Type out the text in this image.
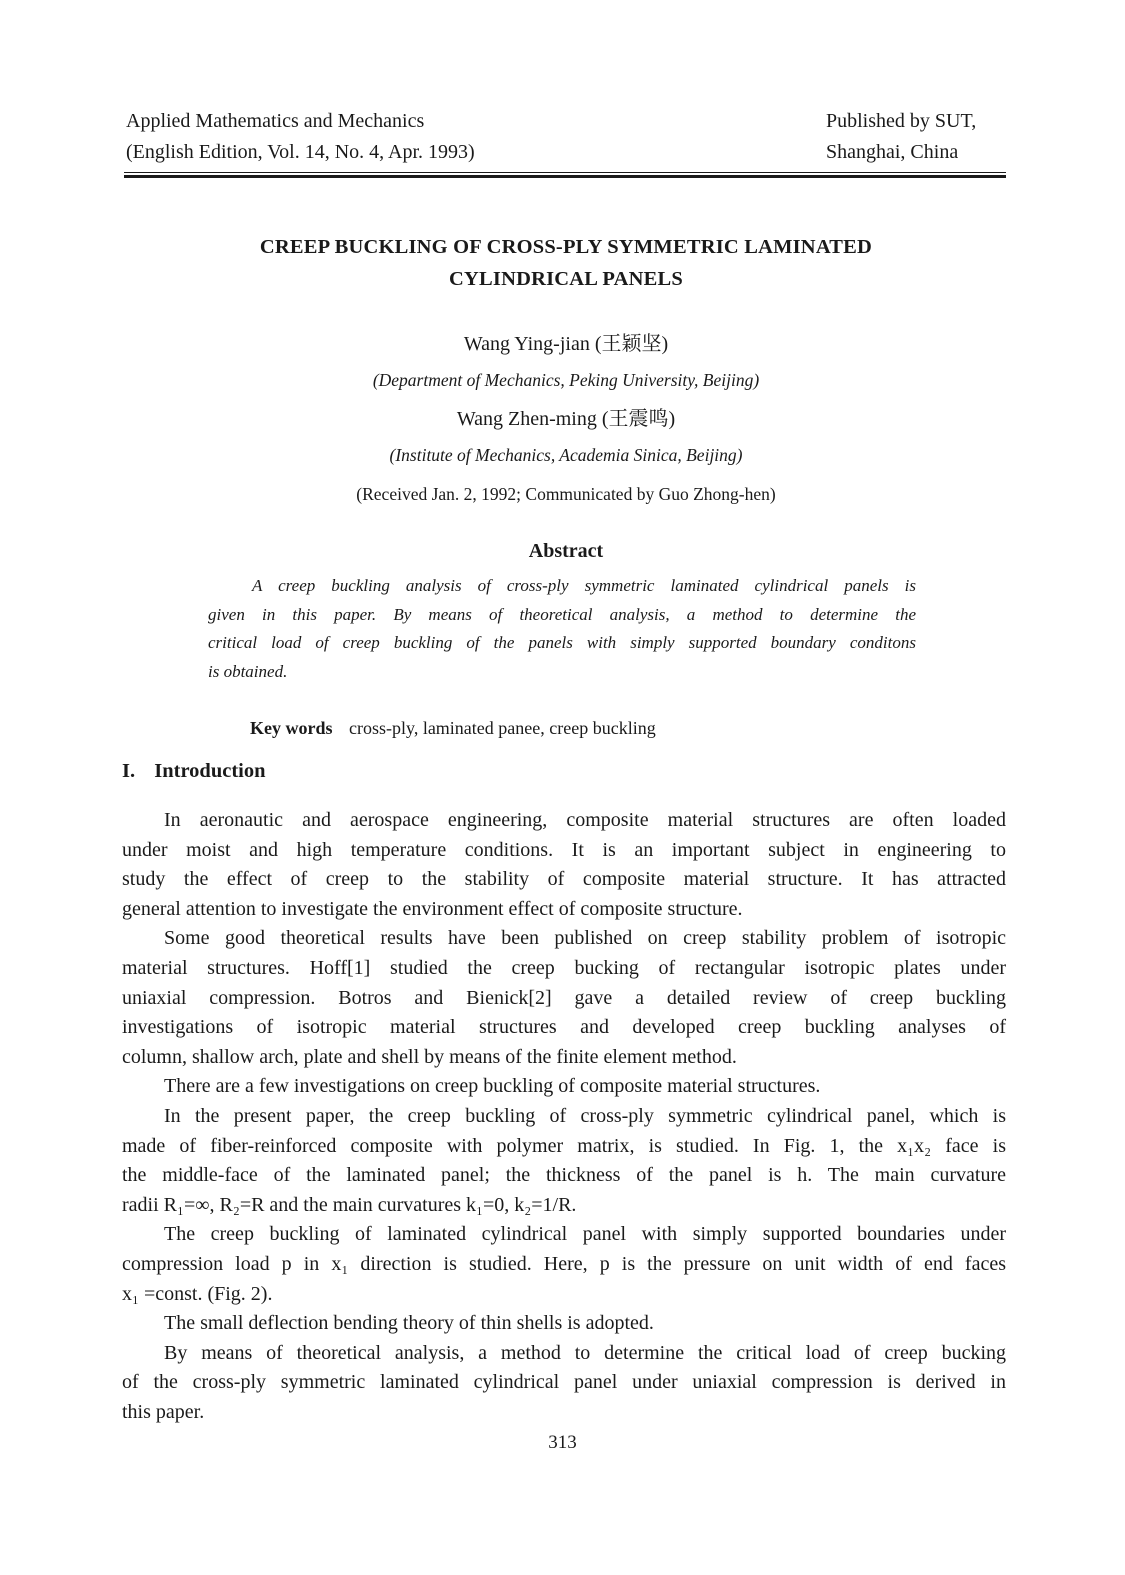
Applied Mathematics and Mechanics
(English Edition, Vol. 14, No. 4, Apr. 1993)
Published by SUT,
Shanghai, China
CREEP BUCKLING OF CROSS-PLY SYMMETRIC LAMINATED
CYLINDRICAL PANELS
Wang Ying-jian (王颖坚)
(Department of Mechanics, Peking University, Beijing)
Wang Zhen-ming (王震鸣)
(Institute of Mechanics, Academia Sinica, Beijing)
(Received Jan. 2, 1992; Communicated by Guo Zhong-hen)
Abstract
A creep buckling analysis of cross-ply symmetric laminated cylindrical panels is
given in this paper. By means of theoretical analysis, a method to determine the
critical load of creep buckling of the panels with simply supported boundary conditons
is obtained.
Key words cross-ply, laminated panee, creep buckling
I. Introduction

In aeronautic and aerospace engineering, composite material structures are often loaded
under moist and high temperature conditions. It is an important subject in engineering to
study the effect of creep to the stability of composite material structure. It has attracted
general attention to investigate the environment effect of composite structure.

Some good theoretical results have been published on creep stability problem of isotropic
material structures. Hoff[1] studied the creep bucking of rectangular isotropic plates under
uniaxial compression. Botros and Bienick[2] gave a detailed review of creep buckling
investigations of isotropic material structures and developed creep buckling analyses of
column, shallow arch, plate and shell by means of the finite element method.

There are a few investigations on creep buckling of composite material structures.

In the present paper, the creep buckling of cross-ply symmetric cylindrical panel, which is
made of fiber-reinforced composite with polymer matrix, is studied. In Fig. 1, the x₁x₂ face is
the middle-face of the laminated panel; the thickness of the panel is h. The main curvature
radii R₁=∞, R₂=R and the main curvatures k₁=0, k₂=1/R.

The creep buckling of laminated cylindrical panel with simply supported boundaries under
compression load p in x₁ direction is studied. Here, p is the pressure on unit width of end faces
x₁ =const. (Fig. 2).

The small deflection bending theory of thin shells is adopted.

By means of theoretical analysis, a method to determine the critical load of creep bucking
of the cross-ply symmetric laminated cylindrical panel under uniaxial compression is derived in
this paper.

313
